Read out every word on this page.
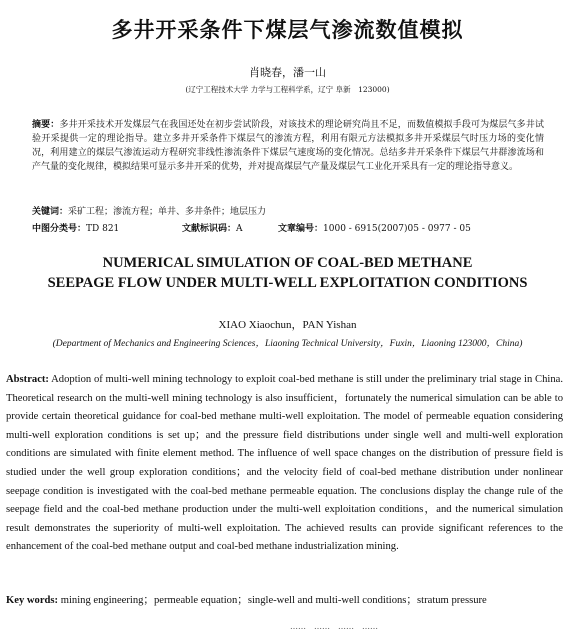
多井开采条件下煤层气渗流数值模拟
肖晓春，潘一山
(辽宁工程技术大学 力学与工程科学系，辽宁 阜新　123000)
摘要：多井开采技术开发煤层气在我国还处在初步尝试阶段，对该技术的理论研究尚且不足，而数值模拟手段可为煤层气多井试验开采提供一定的理论指导。建立多井开采条件下煤层气的渗流方程，利用有限元方法模拟多井开采煤层气时压力场的变化情况，利用建立的煤层气渗流运动方程研究非线性渗流条件下煤层气速度场的变化情况。总结多井开采条件下煤层气井群渗流场和产气量的变化规律，模拟结果可显示多井开采的优势，并对提高煤层气产量及煤层气工业化开采具有一定的理论指导意义。
关键词：采矿工程；渗流方程；单井、多井条件；地层压力
中图分类号：TD 821	文献标识码：A	文章编号：1000 - 6915(2007)05 - 0977 - 05
NUMERICAL SIMULATION OF COAL-BED METHANE
SEEPAGE FLOW UNDER MULTI-WELL EXPLOITATION CONDITIONS
XIAO Xiaochun，PAN Yishan
(Department of Mechanics and Engineering Sciences，Liaoning Technical University，Fuxin，Liaoning 123000，China)
Abstract: Adoption of multi-well mining technology to exploit coal-bed methane is still under the preliminary trial stage in China. Theoretical research on the multi-well mining technology is also insufficient，fortunately the numerical simulation can be able to provide certain theoretical guidance for coal-bed methane multi-well exploitation. The model of permeable equation considering multi-well exploration conditions is set up；and the pressure field distributions under single well and multi-well exploration conditions are simulated with finite element method. The influence of well space changes on the distribution of pressure field is studied under the well group exploration conditions；and the velocity field of coal-bed methane distribution under nonlinear seepage condition is investigated with the coal-bed methane permeable equation. The conclusions display the change rule of the seepage field and the coal-bed methane production under the multi-well exploitation conditions，and the numerical simulation result demonstrates the superiority of multi-well exploitation. The achieved results can provide significant references to the enhancement of the coal-bed methane output and coal-bed methane industrialization mining.
Key words: mining engineering；permeable equation；single-well and multi-well conditions；stratum pressure
……　……　……　……
